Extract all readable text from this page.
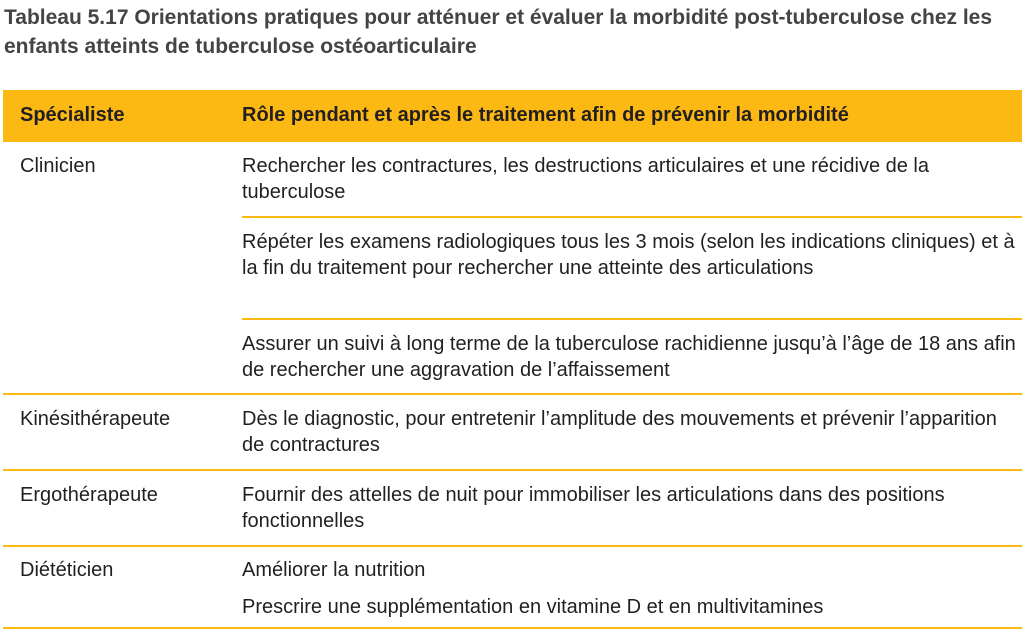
Tableau 5.17 Orientations pratiques pour atténuer et évaluer la morbidité post-tuberculose chez les enfants atteints de tuberculose ostéoarticulaire
Spécialiste	Rôle pendant et après le traitement afin de prévenir la morbidité
Clinicien	Rechercher les contractures, les destructions articulaires et une récidive de la tuberculose
Répéter les examens radiologiques tous les 3 mois (selon les indications cliniques) et à la fin du traitement pour rechercher une atteinte des articulations
Assurer un suivi à long terme de la tuberculose rachidienne jusqu’à l’âge de 18 ans afin de rechercher une aggravation de l’affaissement
Kinésithérapeute	Dès le diagnostic, pour entretenir l’amplitude des mouvements et prévenir l’apparition de contractures
Ergothérapeute	Fournir des attelles de nuit pour immobiliser les articulations dans des positions fonctionnelles
Diététicien	Améliorer la nutrition
Prescrire une supplémentation en vitamine D et en multivitamines
